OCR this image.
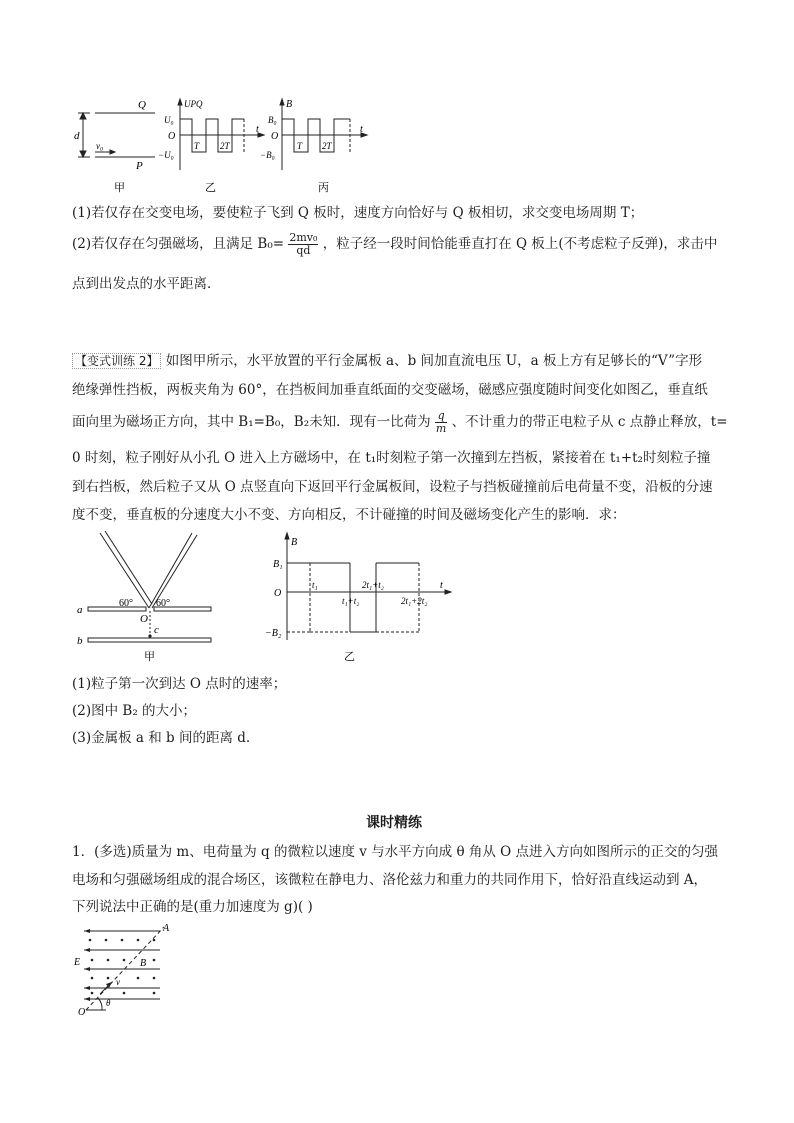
Q
P
d
v₀
UPQ
U₀
O
−U₀
t
T 2T
B
B₀
O
−B₀
t
T 2T
甲	乙	丙
(1)若仅存在交变电场，要使粒子飞到 Q 板时，速度方向恰好与 Q 板相切，求交变电场周期 T；
(2)若仅存在匀强磁场，且满足 $B_0= \frac{\text{2mv₀}}{qd}$ ，粒子经一段时间恰能垂直打在 Q 板上(不考虑粒子反弹)，求击中
点到出发点的水平距离．
【变式训练 2】 如图甲所示，水平放置的平行金属板 a、b 间加直流电压 U，a 板上方有足够长的“V”字形
绝缘弹性挡板，两板夹角为 60°，在挡板间加垂直纸面的交变磁场，磁感应强度随时间变化如图乙，垂直纸
面向里为磁场正方向，其中 B₁=B₀，B₂未知．现有一比荷为 $\frac{q}{m}$ 、不计重力的带正电粒子从 c 点静止释放，t=
0 时刻，粒子刚好从小孔 O 进入上方磁场中，在 t₁时刻粒子第一次撞到左挡板，紧接着在 t₁+t₂时刻粒子撞
到右挡板，然后粒子又从 O 点竖直向下返回平行金属板间，设粒子与挡板碰撞前后电荷量不变，沿板的分速
度不变，垂直板的分速度大小不变、方向相反，不计碰撞的时间及磁场变化产生的影响．求：
60° 60°
a
b
O
c
甲
B
B₁
O
−B₂
t
t₁	2t₁+t₂
t₁+t₂	2t₁+2t₂
乙
(1)粒子第一次到达 O 点时的速率；
(2)图中 B₂ 的大小；
(3)金属板 a 和 b 间的距离 d.
课时精练
1．(多选)质量为 m、电荷量为 q 的微粒以速度 v 与水平方向成 θ 角从 O 点进入方向如图所示的正交的匀强
电场和匀强磁场组成的混合场区，该微粒在静电力、洛伦兹力和重力的共同作用下，恰好沿直线运动到 A，
下列说法中正确的是(重力加速度为 g)( )
A
E	B
v
θ
O
